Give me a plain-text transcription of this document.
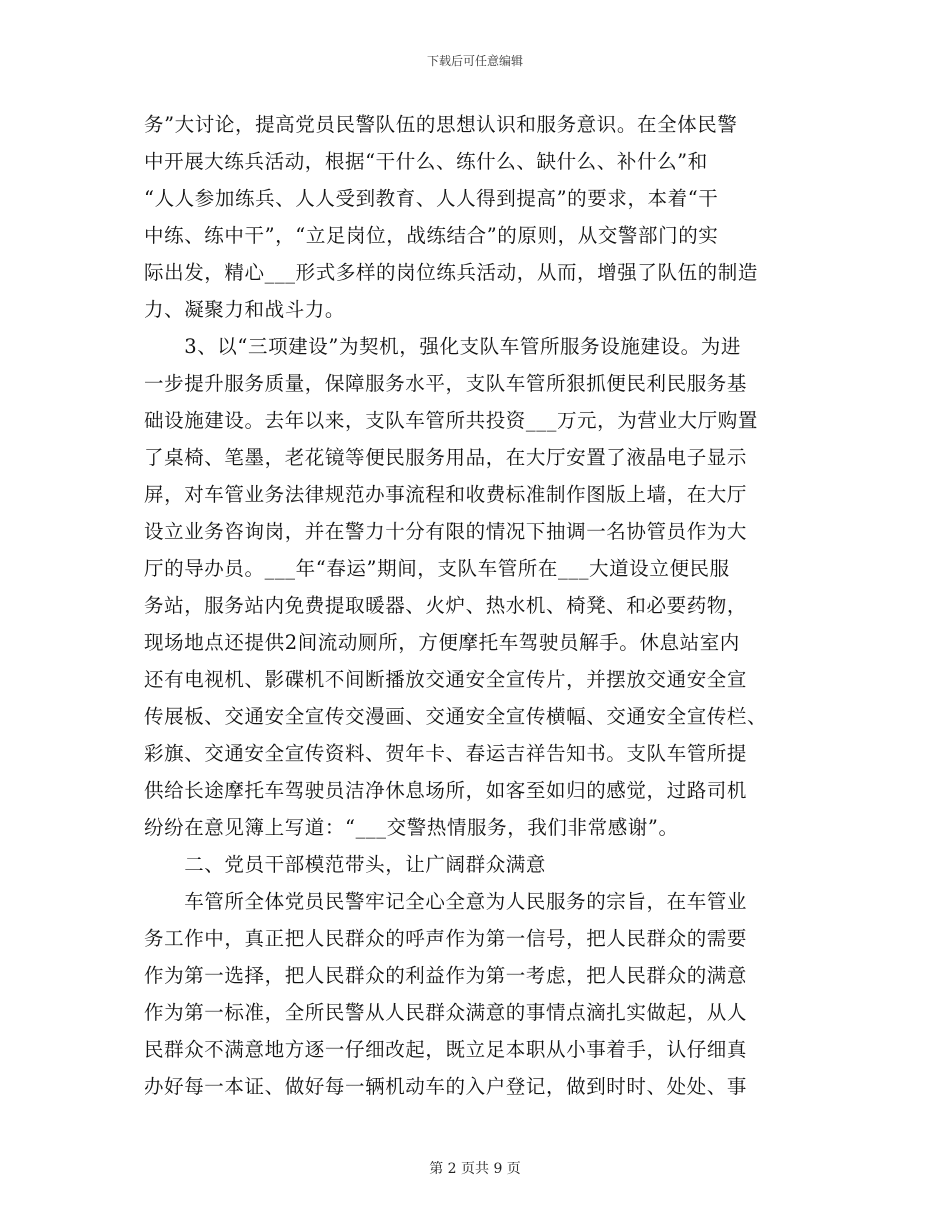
下载后可任意编辑
务”大讨论，提高党员民警队伍的思想认识和服务意识。在全体民警
中开展大练兵活动，根据“干什么、练什么、缺什么、补什么”和
“人人参加练兵、人人受到教育、人人得到提高”的要求，本着“干
中练、练中干”，“立足岗位，战练结合”的原则，从交警部门的实
际出发，精心___形式多样的岗位练兵活动，从而，增强了队伍的制造
力、凝聚力和战斗力。
　　3、以“三项建设”为契机，强化支队车管所服务设施建设。为进
一步提升服务质量，保障服务水平，支队车管所狠抓便民利民服务基
础设施建设。去年以来，支队车管所共投资___万元，为营业大厅购置
了桌椅、笔墨，老花镜等便民服务用品，在大厅安置了液晶电子显示
屏，对车管业务法律规范办事流程和收费标准制作图版上墙，在大厅
设立业务咨询岗，并在警力十分有限的情况下抽调一名协管员作为大
厅的导办员。___年“春运”期间，支队车管所在___大道设立便民服
务站，服务站内免费提取暖器、火炉、热水机、椅凳、和必要药物，
现场地点还提供2间流动厕所，方便摩托车驾驶员解手。休息站室内
还有电视机、影碟机不间断播放交通安全宣传片，并摆放交通安全宣
传展板、交通安全宣传交漫画、交通安全宣传横幅、交通安全宣传栏、
彩旗、交通安全宣传资料、贺年卡、春运吉祥告知书。支队车管所提
供给长途摩托车驾驶员洁净休息场所，如客至如归的感觉，过路司机
纷纷在意见簿上写道：“___交警热情服务，我们非常感谢”。
　　二、党员干部模范带头，让广阔群众满意
　　车管所全体党员民警牢记全心全意为人民服务的宗旨，在车管业
务工作中，真正把人民群众的呼声作为第一信号，把人民群众的需要
作为第一选择，把人民群众的利益作为第一考虑，把人民群众的满意
作为第一标准，全所民警从人民群众满意的事情点滴扎实做起，从人
民群众不满意地方逐一仔细改起，既立足本职从小事着手，认仔细真
办好每一本证、做好每一辆机动车的入户登记，做到时时、处处、事
第 2 页共 9 页
